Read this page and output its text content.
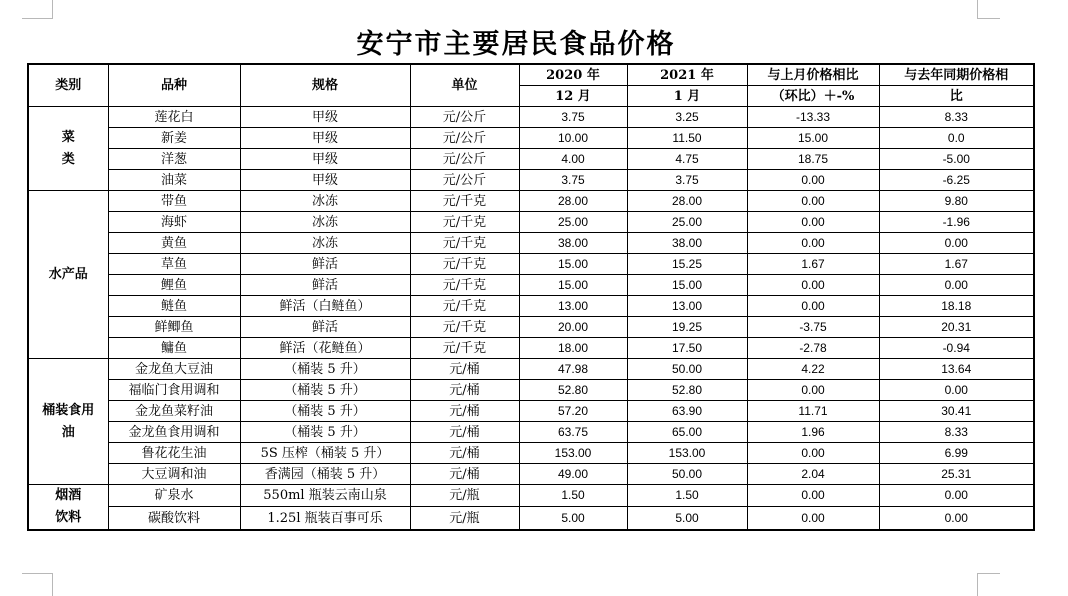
安宁市主要居民食品价格
类别	品种	规格	单位	2020 年	2021 年	与上月价格相比	与去年同期价格相
				12 月	1 月	（环比）＋-%	比
菜
类	莲花白	甲级	元/公斤	3.75	3.25	-13.33	8.33
	新姜	甲级	元/公斤	10.00	11.50	15.00	0.0
	洋葱	甲级	元/公斤	4.00	4.75	18.75	-5.00
	油菜	甲级	元/公斤	3.75	3.75	0.00	-6.25
水产品	带鱼	冰冻	元/千克	28.00	28.00	0.00	9.80
	海虾	冰冻	元/千克	25.00	25.00	0.00	-1.96
	黄鱼	冰冻	元/千克	38.00	38.00	0.00	0.00
	草鱼	鲜活	元/千克	15.00	15.25	1.67	1.67
	鲤鱼	鲜活	元/千克	15.00	15.00	0.00	0.00
	鲢鱼	鲜活（白鲢鱼）	元/千克	13.00	13.00	0.00	18.18
	鲜鲫鱼	鲜活	元/千克	20.00	19.25	-3.75	20.31
	鳙鱼	鲜活（花鲢鱼）	元/千克	18.00	17.50	-2.78	-0.94
桶装食用
油	金龙鱼大豆油	（桶装 5 升）	元/桶	47.98	50.00	4.22	13.64
	福临门食用调和	（桶装 5 升）	元/桶	52.80	52.80	0.00	0.00
	金龙鱼菜籽油	（桶装 5 升）	元/桶	57.20	63.90	11.71	30.41
	金龙鱼食用调和	（桶装 5 升）	元/桶	63.75	65.00	1.96	8.33
	鲁花花生油	5S 压榨（桶装 5 升）	元/桶	153.00	153.00	0.00	6.99
	大豆调和油	香满园（桶装 5 升）	元/桶	49.00	50.00	2.04	25.31
烟酒
饮料	矿泉水	550ml 瓶装云南山泉	元/瓶	1.50	1.50	0.00	0.00
	碳酸饮料	1.25l 瓶装百事可乐	元/瓶	5.00	5.00	0.00	0.00
